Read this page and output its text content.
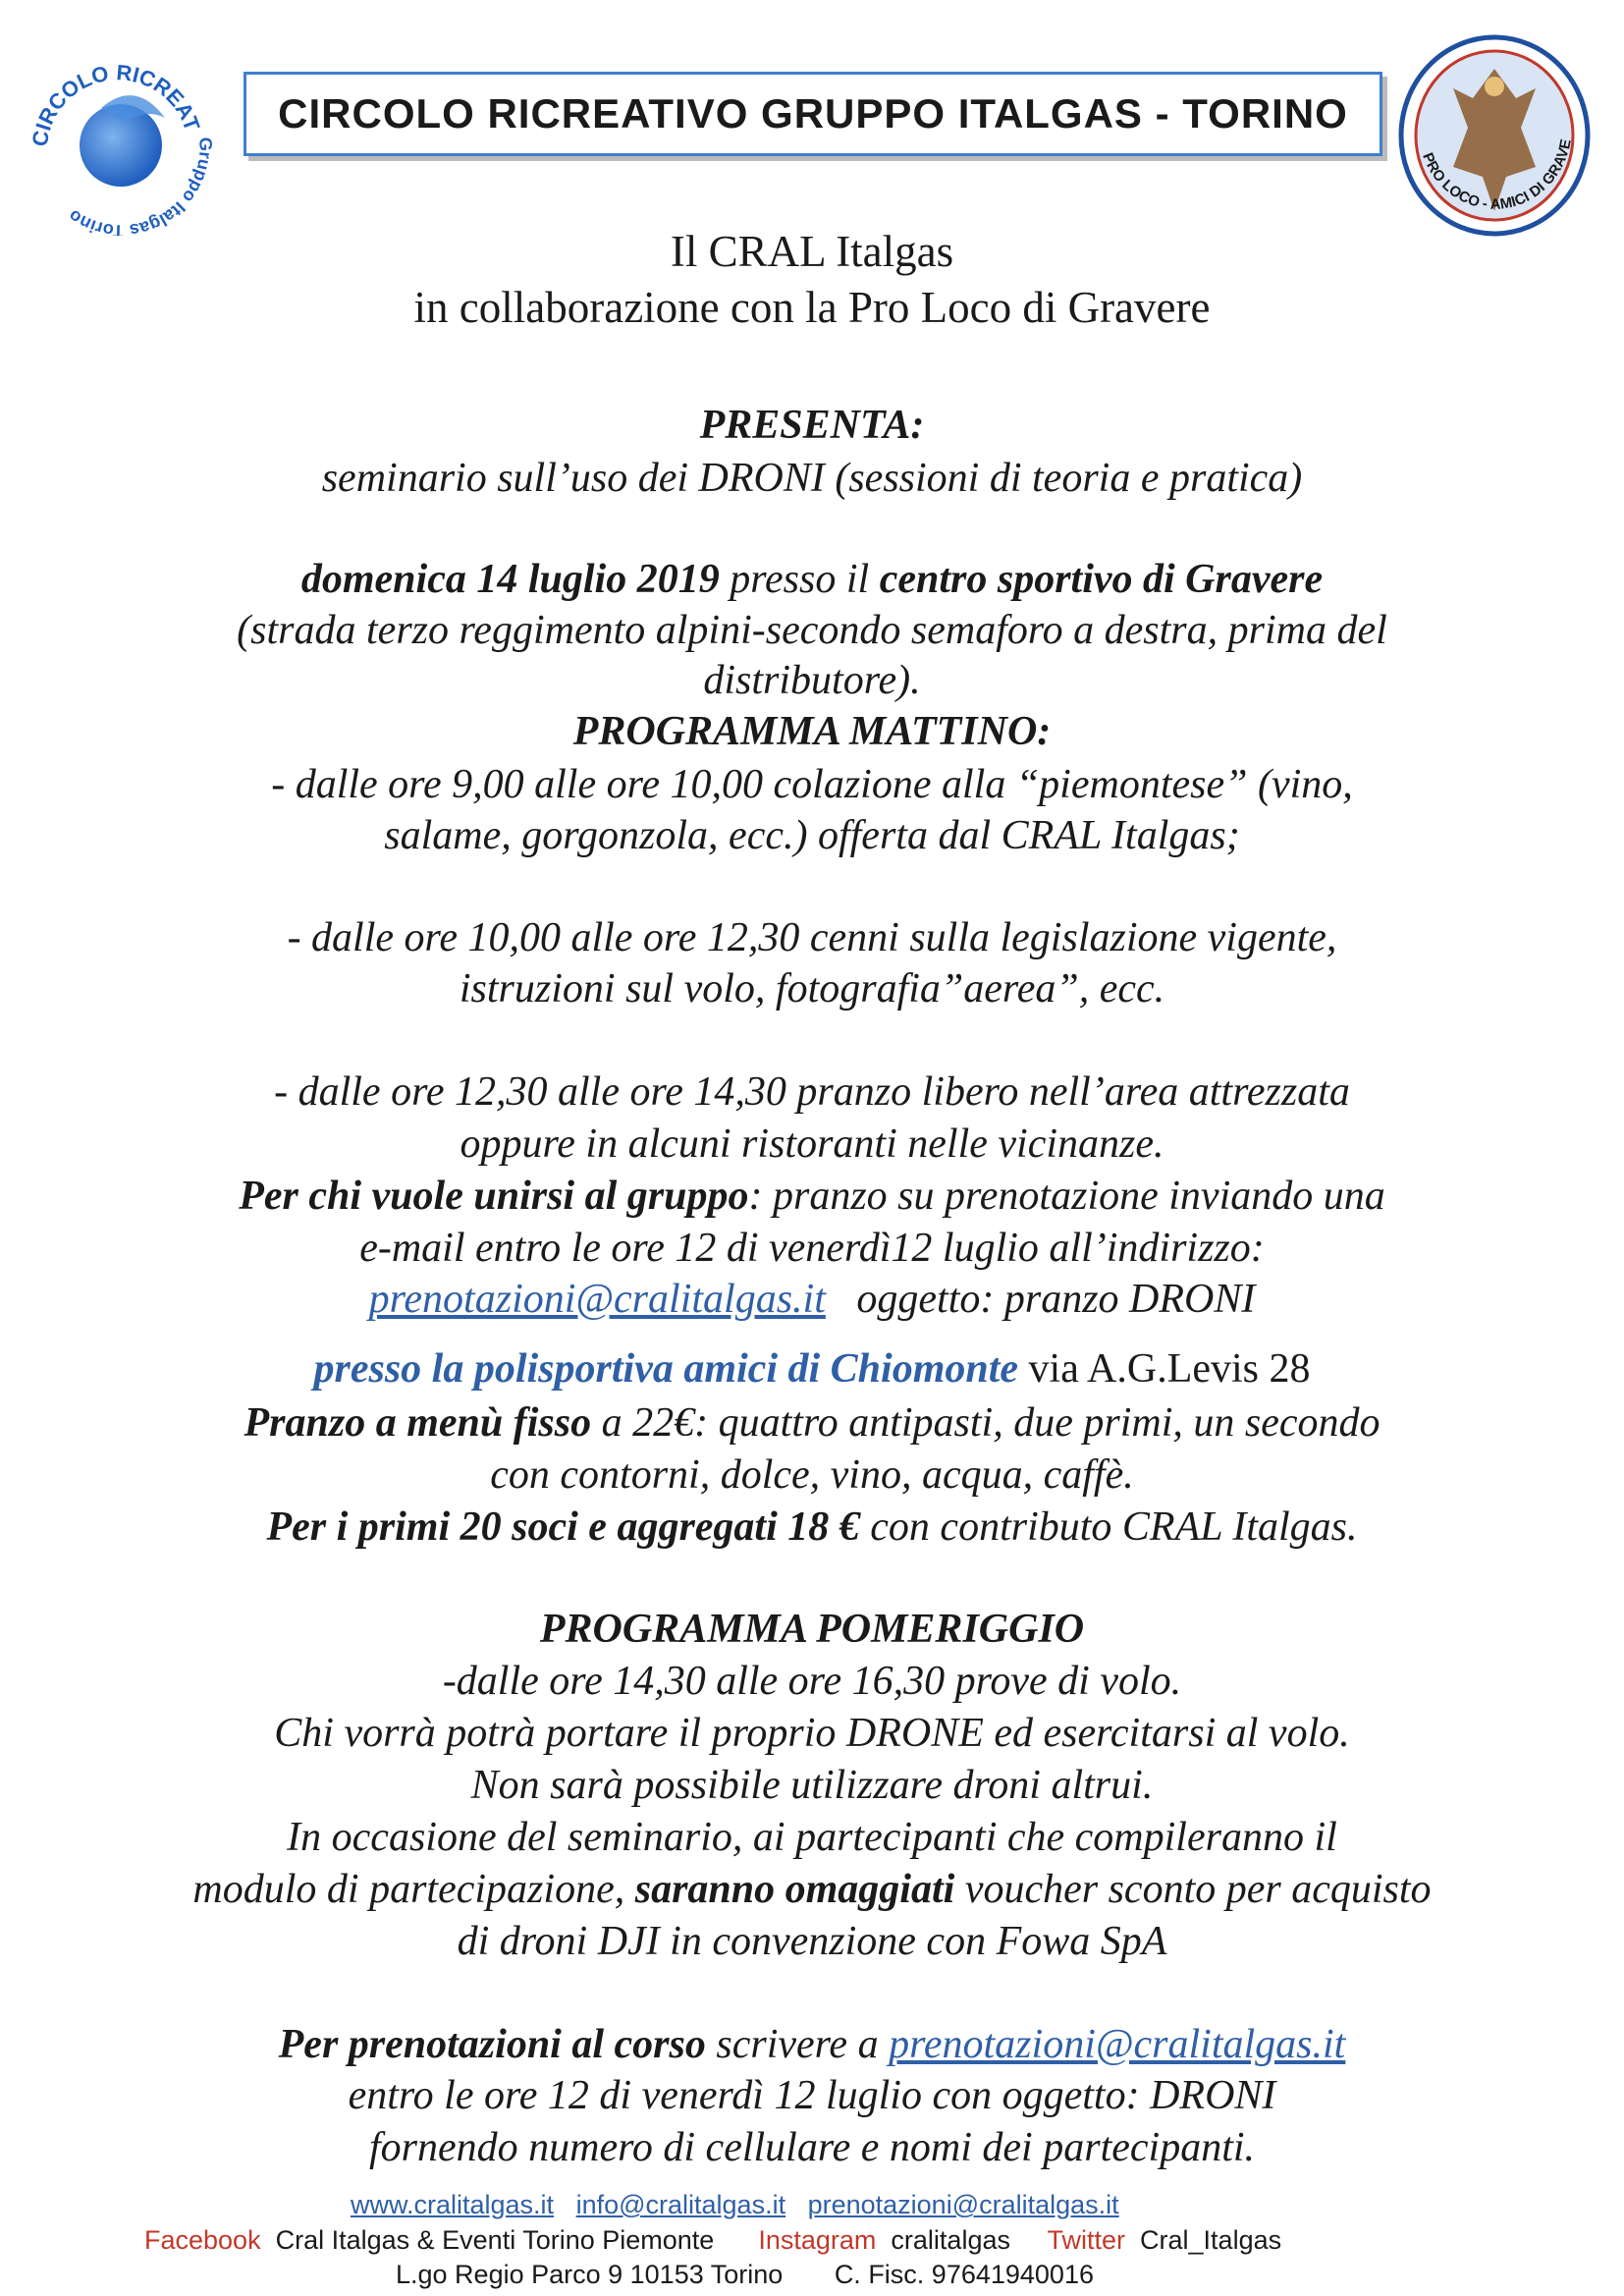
CIRCOLO RICREAT
Gruppo Italgas Torino
CIRCOLO RICREATIVO GRUPPO ITALGAS - TORINO
PRO LOCO - AMICI DI GRAVE
Il CRAL Italgas
in collaborazione con la Pro Loco di Gravere
PRESENTA:
seminario sull’uso dei DRONI (sessioni di teoria e pratica)
domenica 14 luglio 2019 presso il centro sportivo di Gravere
(strada terzo reggimento alpini-secondo semaforo a destra, prima del
distributore).
PROGRAMMA MATTINO:
- dalle ore 9,00 alle ore 10,00 colazione alla “piemontese” (vino,
salame, gorgonzola, ecc.) offerta dal CRAL Italgas;
- dalle ore 10,00 alle ore 12,30 cenni sulla legislazione vigente,
istruzioni sul volo, fotografia”aerea”, ecc.
- dalle ore 12,30 alle ore 14,30 pranzo libero nell’area attrezzata
oppure in alcuni ristoranti nelle vicinanze.
Per chi vuole unirsi al gruppo: pranzo su prenotazione inviando una
e-mail entro le ore 12 di venerdì12 luglio all’indirizzo:
prenotazioni@cralitalgas.it oggetto: pranzo DRONI
presso la polisportiva amici di Chiomonte via A.G.Levis 28
Pranzo a menù fisso a 22€: quattro antipasti, due primi, un secondo
con contorni, dolce, vino, acqua, caffè.
Per i primi 20 soci e aggregati 18 € con contributo CRAL Italgas.
PROGRAMMA POMERIGGIO
-dalle ore 14,30 alle ore 16,30 prove di volo.
Chi vorrà potrà portare il proprio DRONE ed esercitarsi al volo.
Non sarà possibile utilizzare droni altrui.
In occasione del seminario, ai partecipanti che compileranno il
modulo di partecipazione, saranno omaggiati voucher sconto per acquisto
di droni DJI in convenzione con Fowa SpA
Per prenotazioni al corso scrivere a prenotazioni@cralitalgas.it
entro le ore 12 di venerdì 12 luglio con oggetto: DRONI
fornendo numero di cellulare e nomi dei partecipanti.
www.cralitalgas.it info@cralitalgas.it prenotazioni@cralitalgas.it
Facebook Cral Italgas & Eventi Torino Piemonte Instagram cralitalgas Twitter Cral_Italgas
L.go Regio Parco 9 10153 Torino C. Fisc. 97641940016
